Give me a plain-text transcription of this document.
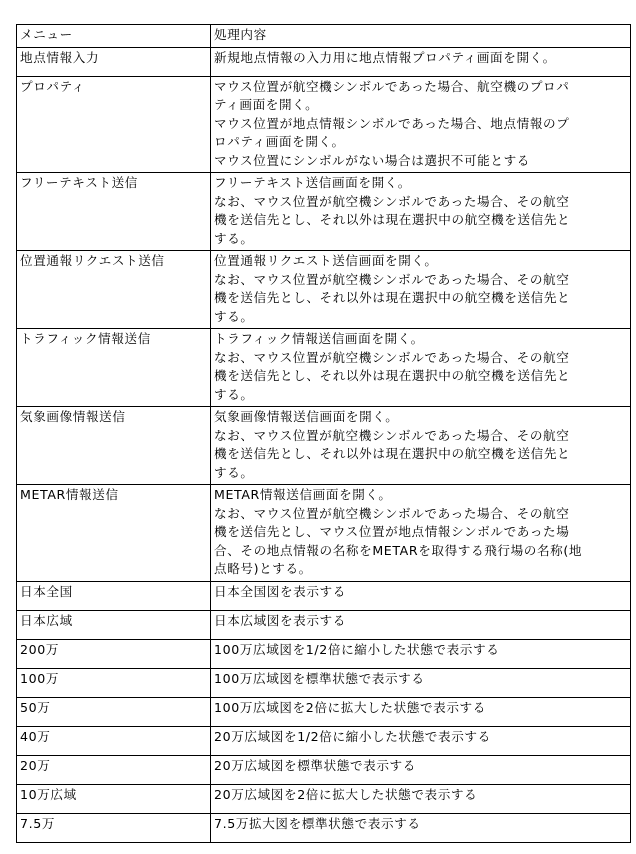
メニュー	処理内容
地点情報入力	新規地点情報の入力用に地点情報プロパティ画面を開く。

プロパティ	マウス位置が航空機シンボルであった場合、航空機のプロパ
ティ画面を開く。
マウス位置が地点情報シンボルであった場合、地点情報のプ
ロパティ画面を開く。
マウス位置にシンボルがない場合は選択不可能とする

フリーテキスト送信	フリーテキスト送信画面を開く。
なお、マウス位置が航空機シンボルであった場合、その航空
機を送信先とし、それ以外は現在選択中の航空機を送信先と
する。

位置通報リクエスト送信	位置通報リクエスト送信画面を開く。
なお、マウス位置が航空機シンボルであった場合、その航空
機を送信先とし、それ以外は現在選択中の航空機を送信先と
する。

トラフィック情報送信	トラフィック情報送信画面を開く。
なお、マウス位置が航空機シンボルであった場合、その航空
機を送信先とし、それ以外は現在選択中の航空機を送信先と
する。

気象画像情報送信	気象画像情報送信画面を開く。
なお、マウス位置が航空機シンボルであった場合、その航空
機を送信先とし、それ以外は現在選択中の航空機を送信先と
する。

METAR情報送信	METAR情報送信画面を開く。
なお、マウス位置が航空機シンボルであった場合、その航空
機を送信先とし、マウス位置が地点情報シンボルであった場
合、その地点情報の名称をMETARを取得する飛行場の名称(地
点略号)とする。

日本全国	日本全国図を表示する

日本広域	日本広域図を表示する

200万	100万広域図を1/2倍に縮小した状態で表示する

100万	100万広域図を標準状態で表示する

50万	100万広域図を2倍に拡大した状態で表示する

40万	20万広域図を1/2倍に縮小した状態で表示する

20万	20万広域図を標準状態で表示する

10万広域	20万広域図を2倍に拡大した状態で表示する

7.5万	7.5万拡大図を標準状態で表示する
